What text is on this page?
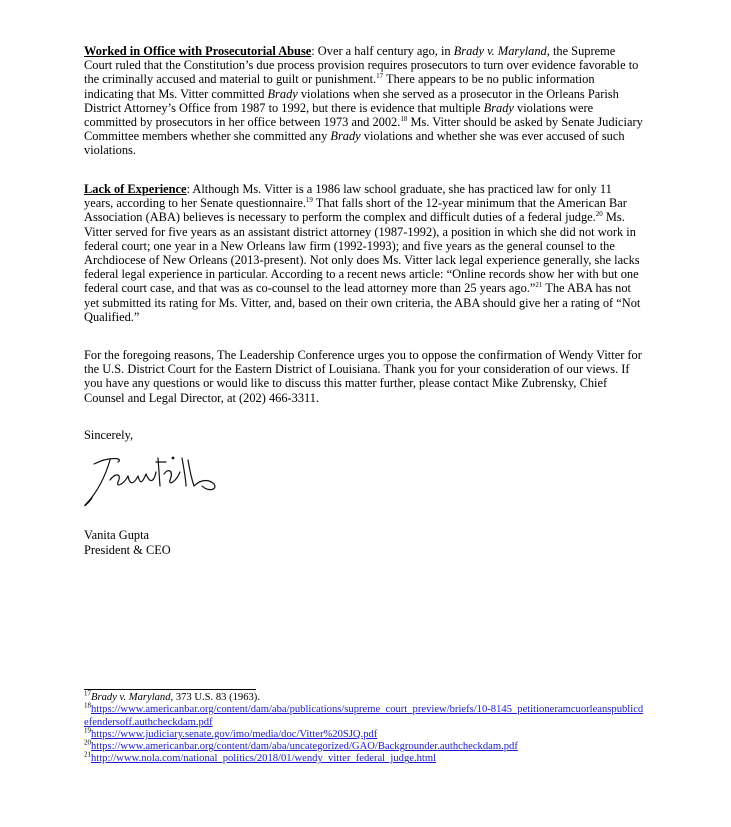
Worked in Office with Prosecutorial Abuse: Over a half century ago, in Brady v. Maryland, the Supreme Court ruled that the Constitution’s due process provision requires prosecutors to turn over evidence favorable to the criminally accused and material to guilt or punishment.$^{17}$ There appears to be no public information indicating that Ms. Vitter committed Brady violations when she served as a prosecutor in the Orleans Parish District Attorney’s Office from 1987 to 1992, but there is evidence that multiple Brady violations were committed by prosecutors in her office between 1973 and 2002.18 Ms. Vitter should be asked by Senate Judiciary Committee members whether she committed any Brady violations and whether she was ever accused of such violations.
Lack of Experience: Although Ms. Vitter is a 1986 law school graduate, she has practiced law for only 11 years, according to her Senate questionnaire.$^{19}$ That falls short of the 12-year minimum that the American Bar Association (ABA) believes is necessary to perform the complex and difficult duties of a federal judge.$^{20}$ Ms. Vitter served for five years as an assistant district attorney (1987-1992), a position in which she did not work in federal court; one year in a New Orleans law firm (1992-1993); and five years as the general counsel to the Archdiocese of New Orleans (2013-present). Not only does Ms. Vitter lack legal experience generally, she lacks federal legal experience in particular. According to a recent news article: “Online records show her with but one federal court case, and that was as co-counsel to the lead attorney more than 25 years ago.”$^{21}$ The ABA has not yet submitted its rating for Ms. Vitter, and, based on their own criteria, the ABA should give her a rating of “Not Qualified.”
For the foregoing reasons, The Leadership Conference urges you to oppose the confirmation of Wendy Vitter for the U.S. District Court for the Eastern District of Louisiana. Thank you for your consideration of our views. If you have any questions or would like to discuss this matter further, please contact Mike Zubrensky, Chief Counsel and Legal Director, at (202) 466-3311.
Sincerely,
Vanita Gupta
President & CEO
$^{17}$Brady v. Maryland, 373 U.S. 83 (1963).
$^{18}$https://www.americanbar.org/content/dam/aba/publications/supreme_court_preview/briefs/10-8145_petitioneramcuorleanspublicdefendersoff.authcheckdam.pdf
$^{19}$https://www.judiciary.senate.gov/imo/media/doc/Vitter%20SJQ.pdf
$^{20}$https://www.americanbar.org/content/dam/aba/uncategorized/GAO/Backgrounder.authcheckdam.pdf
$^{21}$http://www.nola.com/national_politics/2018/01/wendy_vitter_federal_judge.html
